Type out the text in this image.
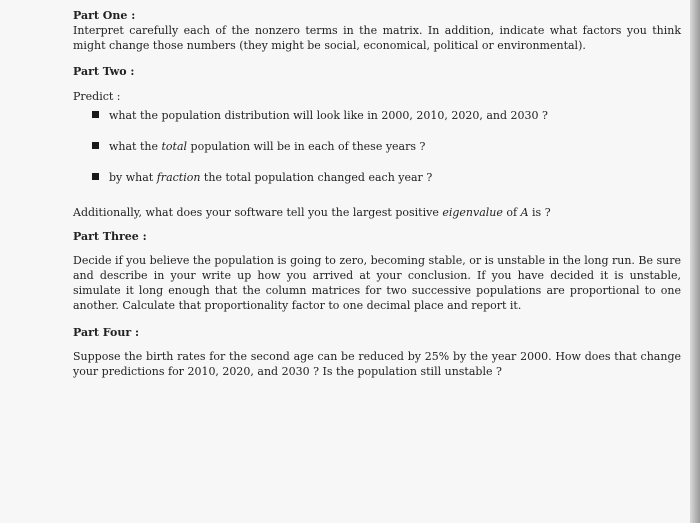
Part One :

Interpret carefully each of the nonzero terms in the matrix. In addition, indicate what factors you think might change those numbers (they might be social, economical, political or environmental).

Part Two :

Predict :

what the population distribution will look like in 2000, 2010, 2020, and 2030 ?
what the total population will be in each of these years ?
by what fraction the total population changed each year ?

Additionally, what does your software tell you the largest positive eigenvalue of A is ?

Part Three :

Decide if you believe the population is going to zero, becoming stable, or is unstable in the long run. Be sure and describe in your write up how you arrived at your conclusion. If you have decided it is unstable, simulate it long enough that the column matrices for two successive populations are proportional to one another. Calculate that proportionality factor to one decimal place and report it.

Part Four :

Suppose the birth rates for the second age can be reduced by 25% by the year 2000. How does that change your predictions for 2010, 2020, and 2030 ? Is the population still unstable ?
